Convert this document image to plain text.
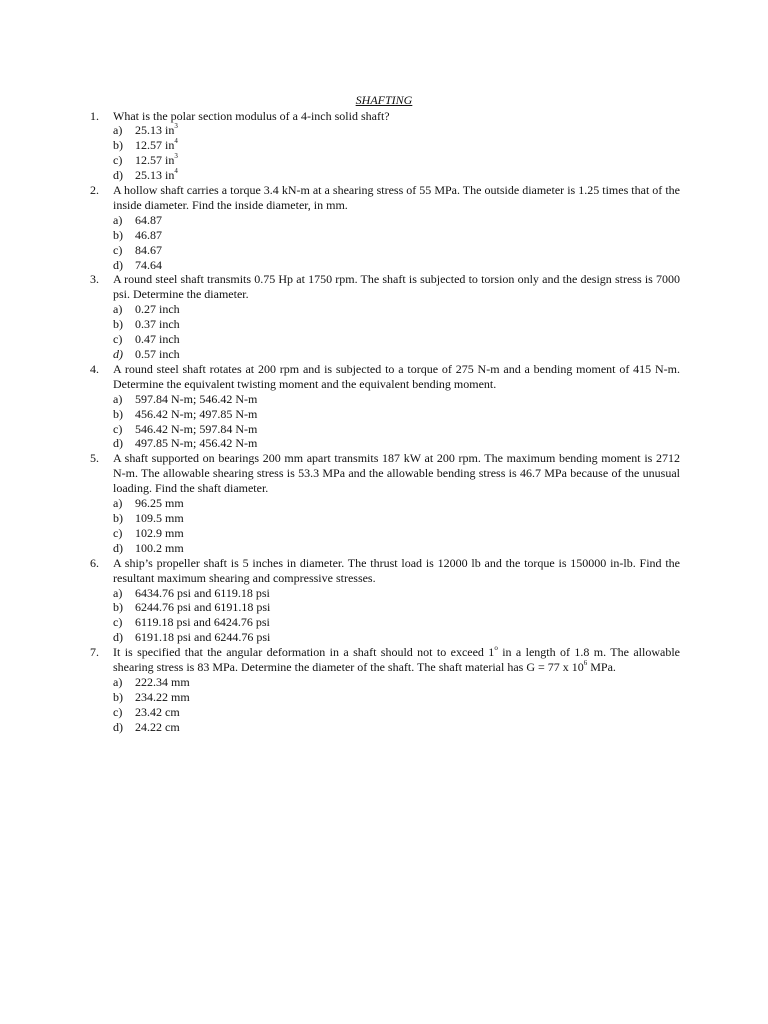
SHAFTING
1. What is the polar section modulus of a 4-inch solid shaft?
a) 25.13 $in^3$
b) 12.57 $in^4$
c) 12.57 $in^3$
d) 25.13 $in^4$
2. A hollow shaft carries a torque 3.4 kN-m at a shearing stress of 55 MPa. The outside diameter is 1.25 times that of the inside diameter. Find the inside diameter, in mm.
a) 64.87
b) 46.87
c) 84.67
d) 74.64
3. A round steel shaft transmits 0.75 Hp at 1750 rpm. The shaft is subjected to torsion only and the design stress is 7000 psi. Determine the diameter.
a) 0.27 inch
b) 0.37 inch
c) 0.47 inch
d) 0.57 inch
4. A round steel shaft rotates at 200 rpm and is subjected to a torque of 275 N-m and a bending moment of 415 N-m. Determine the equivalent twisting moment and the equivalent bending moment.
a) 597.84 N-m; 546.42 N-m
b) 456.42 N-m; 497.85 N-m
c) 546.42 N-m; 597.84 N-m
d) 497.85 N-m; 456.42 N-m
5. A shaft supported on bearings 200 mm apart transmits 187 kW at 200 rpm. The maximum bending moment is 2712 N-m. The allowable shearing stress is 53.3 MPa and the allowable bending stress is 46.7 MPa because of the unusual loading. Find the shaft diameter.
a) 96.25 mm
b) 109.5 mm
c) 102.9 mm
d) 100.2 mm
6. A ship’s propeller shaft is 5 inches in diameter. The thrust load is 12000 lb and the torque is 150000 in-lb. Find the resultant maximum shearing and compressive stresses.
a) 6434.76 psi and 6119.18 psi
b) 6244.76 psi and 6191.18 psi
c) 6119.18 psi and 6424.76 psi
d) 6191.18 psi and 6244.76 psi
7. It is specified that the angular deformation in a shaft should not to exceed 1$^o$ in a length of 1.8 m. The allowable shearing stress is 83 MPa. Determine the diameter of the shaft. The shaft material has G = 77 x $10^6$ MPa.
a) 222.34 mm
b) 234.22 mm
c) 23.42 cm
d) 24.22 cm
